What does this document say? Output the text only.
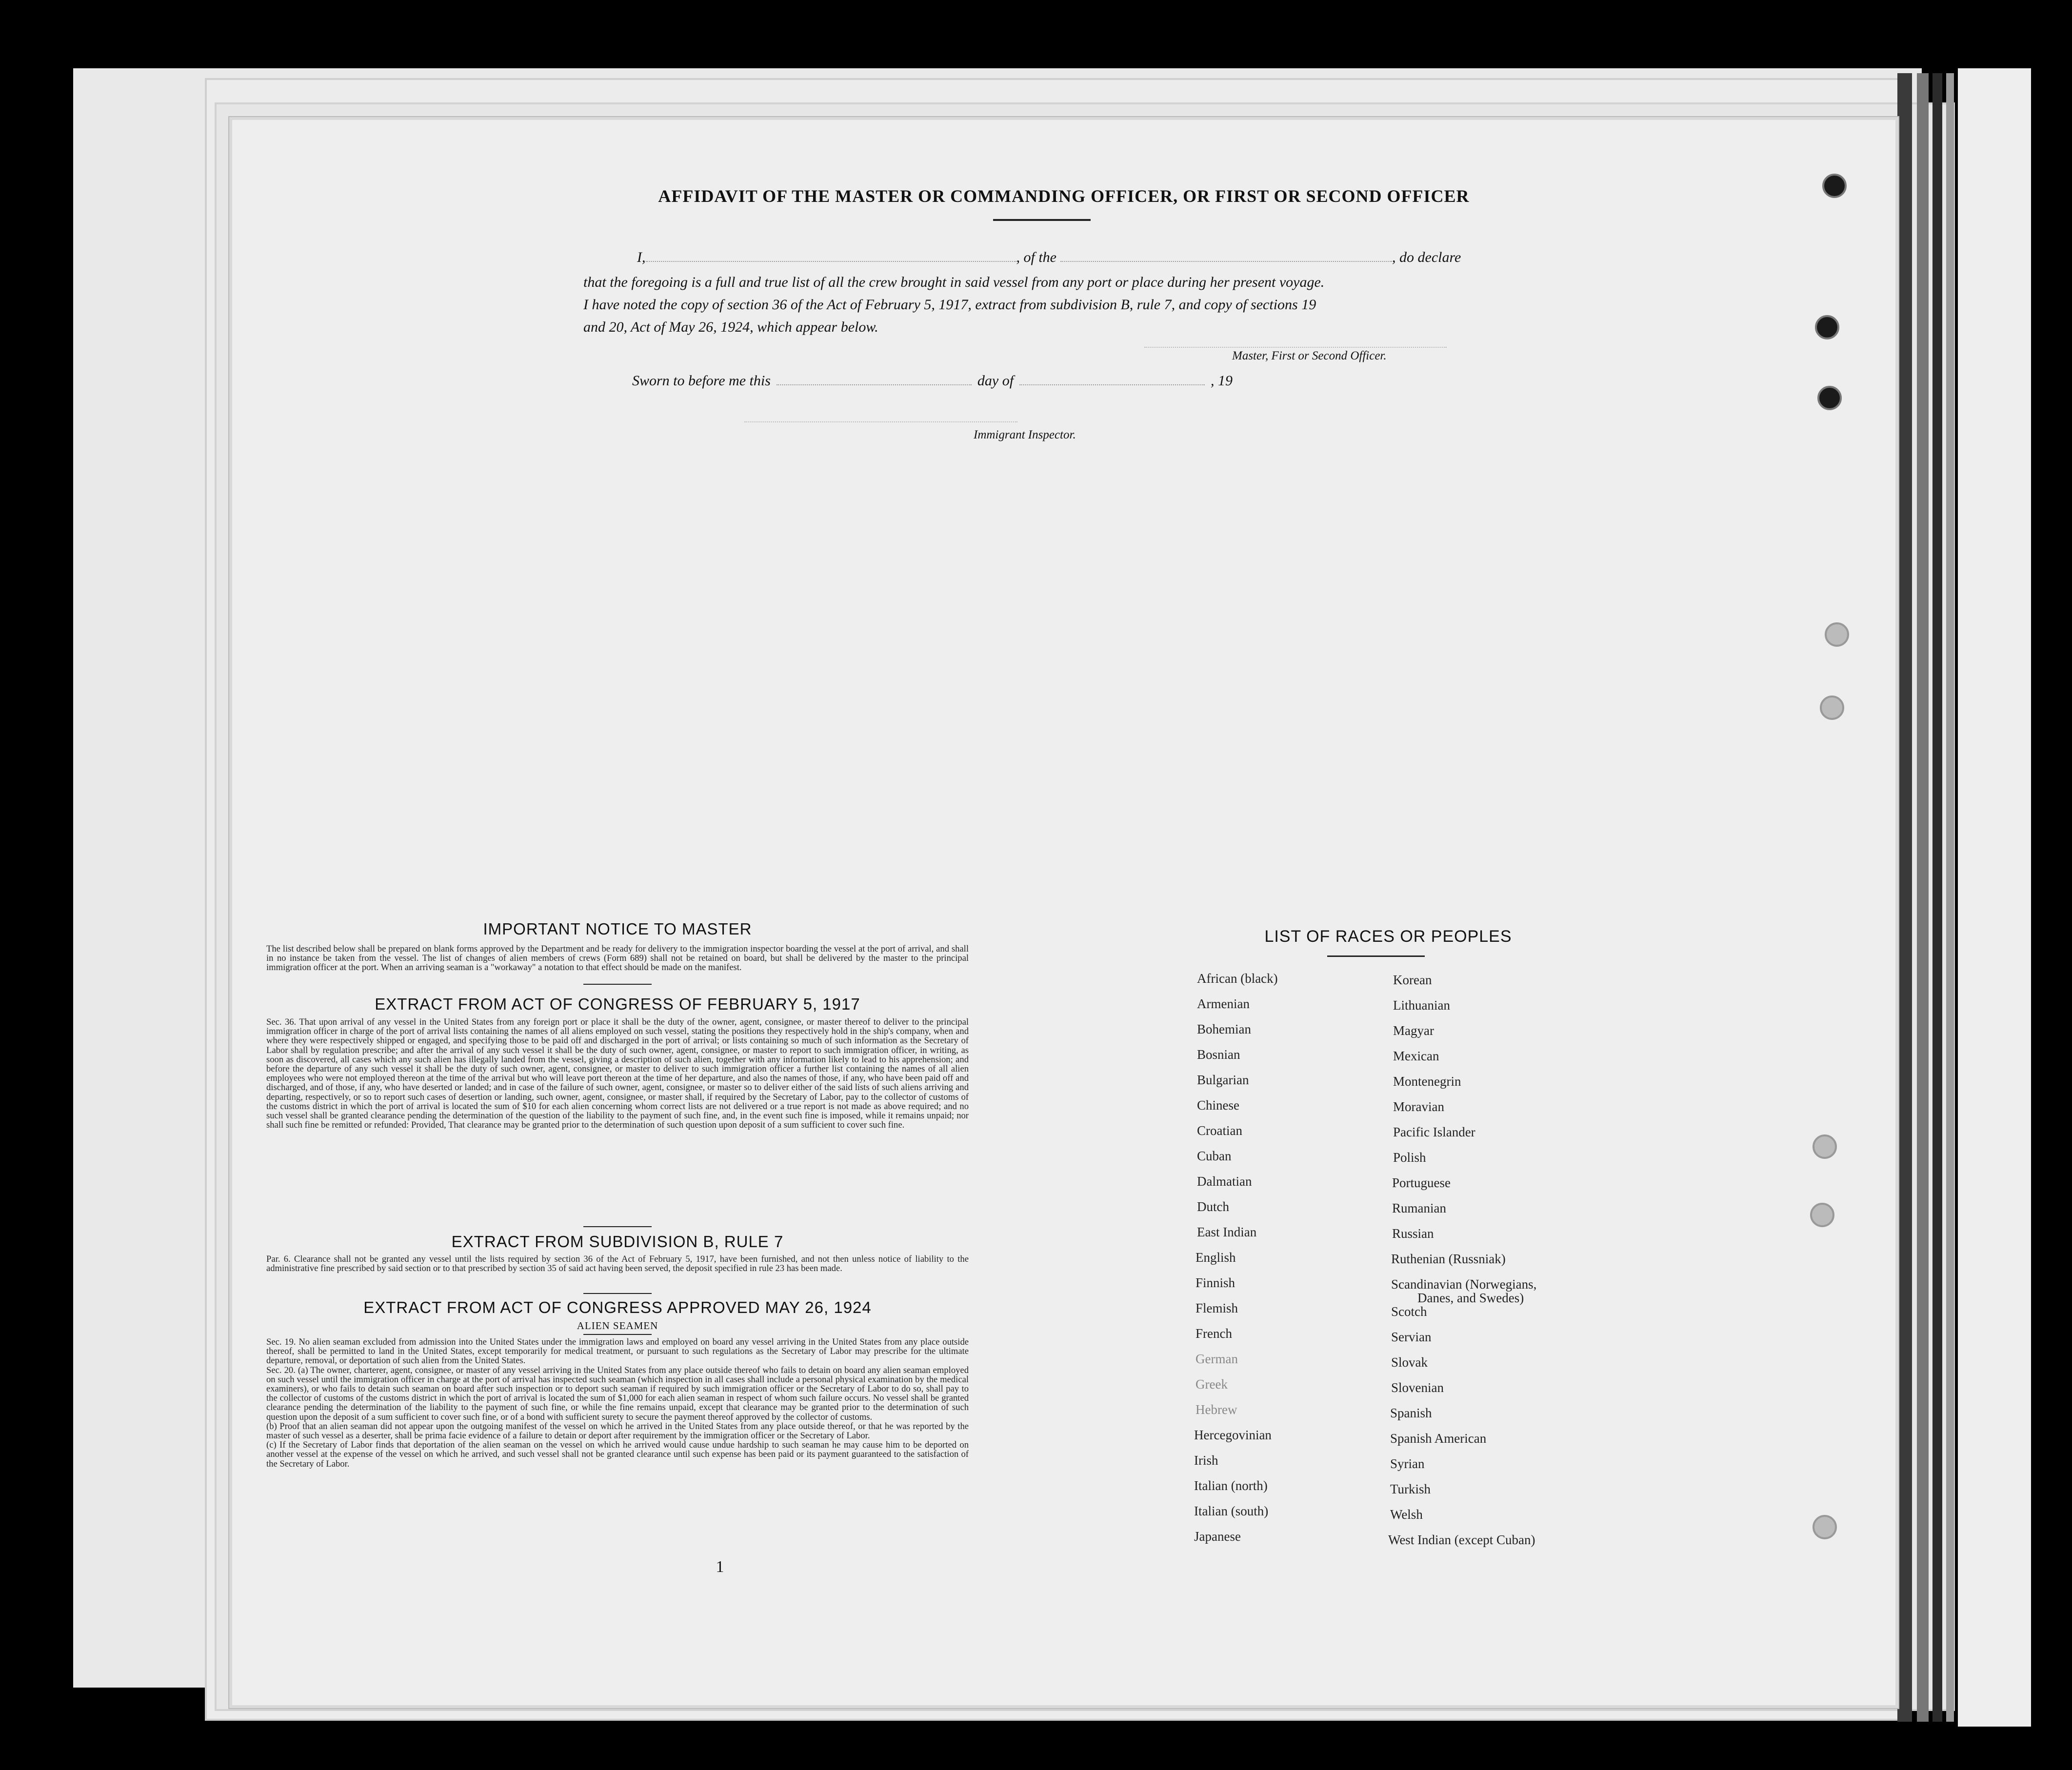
AFFIDAVIT OF THE MASTER OR COMMANDING OFFICER, OR FIRST OR SECOND OFFICER
I,	, of the	, do declare
that the foregoing is a full and true list of all the crew brought in said vessel from any port or place during her present voyage.
I have noted the copy of section 36 of the Act of February 5, 1917, extract from subdivision B, rule 7, and copy of sections 19
and 20, Act of May 26, 1924, which appear below.
Master, First or Second Officer.
Sworn to before me this	day of	, 19
Immigrant Inspector.
IMPORTANT NOTICE TO MASTER
The list described below shall be prepared on blank forms approved by the Department and be ready for delivery to the immigration inspector boarding the vessel at the port of arrival, and shall in no instance be taken from the vessel. The list of changes of alien members of crews (Form 689) shall not be retained on board, but shall be delivered by the master to the principal immigration officer at the port. When an arriving seaman is a "workaway" a notation to that effect should be made on the manifest.
EXTRACT FROM ACT OF CONGRESS OF FEBRUARY 5, 1917
Sec. 36. That upon arrival of any vessel in the United States from any foreign port or place it shall be the duty of the owner, agent, consignee, or master thereof to deliver to the principal immigration officer in charge of the port of arrival lists containing the names of all aliens employed on such vessel, stating the positions they respectively hold in the ship's company, when and where they were respectively shipped or engaged, and specifying those to be paid off and discharged in the port of arrival; or lists containing so much of such information as the Secretary of Labor shall by regulation prescribe; and after the arrival of any such vessel it shall be the duty of such owner, agent, consignee, or master to report to such immigration officer, in writing, as soon as discovered, all cases which any such alien has illegally landed from the vessel, giving a description of such alien, together with any information likely to lead to his apprehension; and before the departure of any such vessel it shall be the duty of such owner, agent, consignee, or master to deliver to such immigration officer a further list containing the names of all alien employees who were not employed thereon at the time of the arrival but who will leave port thereon at the time of her departure, and also the names of those, if any, who have been paid off and discharged, and of those, if any, who have deserted or landed; and in case of the failure of such owner, agent, consignee, or master so to deliver either of the said lists of such aliens arriving and departing, respectively, or so to report such cases of desertion or landing, such owner, agent, consignee, or master shall, if required by the Secretary of Labor, pay to the collector of customs of the customs district in which the port of arrival is located the sum of $10 for each alien concerning whom correct lists are not delivered or a true report is not made as above required; and no such vessel shall be granted clearance pending the determination of the question of the liability to the payment of such fine, and, in the event such fine is imposed, while it remains unpaid; nor shall such fine be remitted or refunded: Provided, That clearance may be granted prior to the determination of such question upon deposit of a sum sufficient to cover such fine.
EXTRACT FROM SUBDIVISION B, RULE 7
Par. 6. Clearance shall not be granted any vessel until the lists required by section 36 of the Act of February 5, 1917, have been furnished, and not then unless notice of liability to the administrative fine prescribed by said section or to that prescribed by section 35 of said act having been served, the deposit specified in rule 23 has been made.
EXTRACT FROM ACT OF CONGRESS APPROVED MAY 26, 1924
ALIEN SEAMEN

Sec. 19. No alien seaman excluded from admission into the United States under the immigration laws and employed on board any vessel arriving in the United States from any place outside thereof, shall be permitted to land in the United States, except temporarily for medical treatment, or pursuant to such regulations as the Secretary of Labor may prescribe for the ultimate departure, removal, or deportation of such alien from the United States.

Sec. 20. (a) The owner, charterer, agent, consignee, or master of any vessel arriving in the United States from any place outside thereof who fails to detain on board any alien seaman employed on such vessel until the immigration officer in charge at the port of arrival has inspected such seaman (which inspection in all cases shall include a personal physical examination by the medical examiners), or who fails to detain such seaman on board after such inspection or to deport such seaman if required by such immigration officer or the Secretary of Labor to do so, shall pay to the collector of customs of the customs district in which the port of arrival is located the sum of $1,000 for each alien seaman in respect of whom such failure occurs. No vessel shall be granted clearance pending the determination of the liability to the payment of such fine, or while the fine remains unpaid, except that clearance may be granted prior to the determination of such question upon the deposit of a sum sufficient to cover such fine, or of a bond with sufficient surety to secure the payment thereof approved by the collector of customs.

(b) Proof that an alien seaman did not appear upon the outgoing manifest of the vessel on which he arrived in the United States from any place outside thereof, or that he was reported by the master of such vessel as a deserter, shall be prima facie evidence of a failure to detain or deport after requirement by the immigration officer or the Secretary of Labor.

(c) If the Secretary of Labor finds that deportation of the alien seaman on the vessel on which he arrived would cause undue hardship to such seaman he may cause him to be deported on another vessel at the expense of the vessel on which he arrived, and such vessel shall not be granted clearance until such expense has been paid or its payment guaranteed to the satisfaction of the Secretary of Labor.

1
LIST OF RACES OR PEOPLES
African (black)
Armenian
Bohemian
Bosnian
Bulgarian
Chinese
Croatian
Cuban
Dalmatian
Dutch
East Indian
English
Finnish
Flemish
French
German
Greek
Hebrew
Hercegovinian
Irish
Italian (north)
Italian (south)
Japanese
Korean
Lithuanian
Magyar
Mexican
Montenegrin
Moravian
Pacific Islander
Polish
Portuguese
Rumanian
Russian
Ruthenian (Russniak)
Scandinavian (Norwegians,
Danes, and Swedes)
Scotch
Servian
Slovak
Slovenian
Spanish
Spanish American
Syrian
Turkish
Welsh
West Indian (except Cuban)
